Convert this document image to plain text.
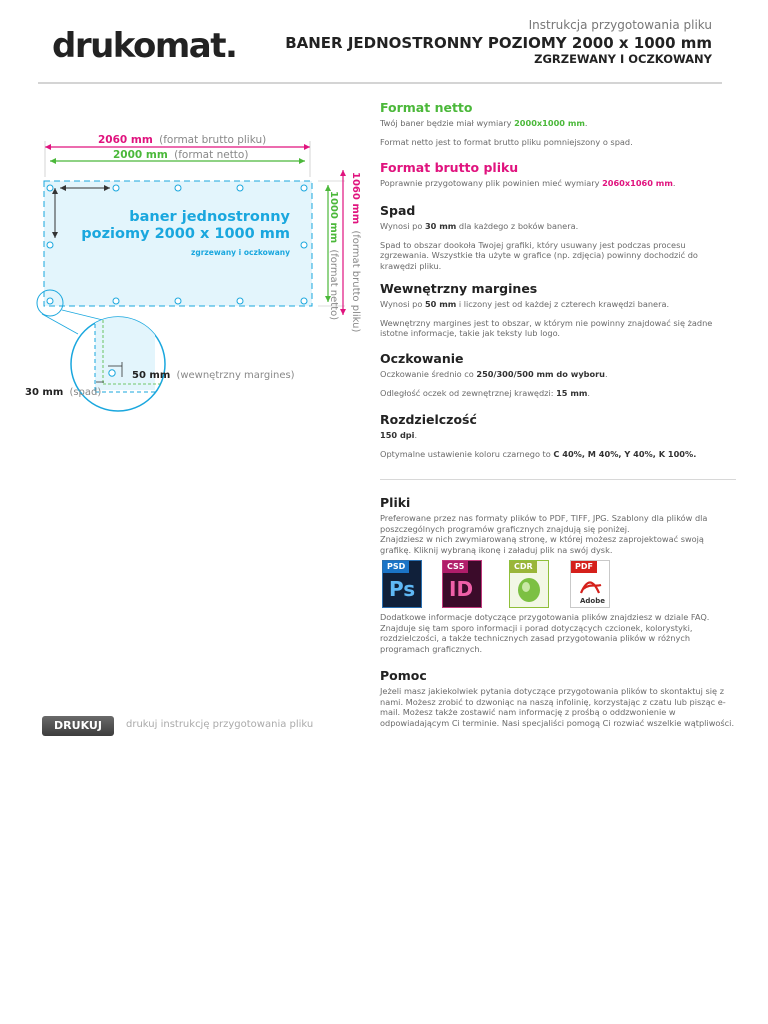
drukomat.
Instrukcja przygotowania pliku
BANER JEDNOSTRONNY POZIOMY 2000 x 1000 mm
ZGRZEWANY I OCZKOWANY
2060 mm (format brutto pliku)
2000 mm (format netto)
baner jednostronny
poziomy 2000 x 1000 mm
zgrzewany i oczkowany
1000 mm (format netto)
1060 mm (format brutto pliku)
50 mm (wewnętrzny margines)
30 mm (spad)
Format netto

Twój baner będzie miał wymiary 2000x1000 mm.

Format netto jest to format brutto pliku pomniejszony o spad.

Format brutto pliku

Poprawnie przygotowany plik powinien mieć wymiary 2060x1060 mm.

Spad

Wynosi po 30 mm dla każdego z boków banera.

Spad to obszar dookoła Twojej grafiki, który usuwany jest podczas procesu zgrzewania. Wszystkie tła użyte w grafice (np. zdjęcia) powinny dochodzić do krawędzi pliku.

Wewnętrzny margines

Wynosi po 50 mm i liczony jest od każdej z czterech krawędzi banera.

Wewnętrzny margines jest to obszar, w którym nie powinny znajdować się żadne istotne informacje, takie jak teksty lub logo.

Oczkowanie

Oczkowanie średnio co 250/300/500 mm do wyboru.

Odległość oczek od zewnętrznej krawędzi: 15 mm.

Rozdzielczość

150 dpi.

Optymalne ustawienie koloru czarnego to C 40%, M 40%, Y 40%, K 100%.

Pliki

Preferowane przez nas formaty plików to PDF, TIFF, JPG. Szablony dla plików dla poszczególnych programów graficznych znajdują się poniżej.

Znajdziesz w nich zwymiarowaną stronę, w której możesz zaprojektować swoją grafikę. Kliknij wybraną ikonę i załaduj plik na swój dysk.

PSD
Ps
CS5
ID
CDR	PDF
Adobe

Dodatkowe informacje dotyczące przygotowania plików znajdziesz w dziale FAQ. Znajduje się tam sporo informacji i porad dotyczących czcionek, kolorystyki, rozdzielczości, a także technicznych zasad przygotowania plików w różnych programach graficznych.

Pomoc

Jeżeli masz jakiekolwiek pytania dotyczące przygotowania plików to skontaktuj się z nami. Możesz zrobić to dzwoniąc na naszą infolinię, korzystając z czatu lub pisząc e-mail. Możesz także zostawić nam informację z prośbą o oddzwonienie w odpowiadającym Ci terminie. Nasi specjaliści pomogą Ci rozwiać wszelkie wątpliwości.

DRUKUJ	drukuj instrukcję przygotowania pliku
